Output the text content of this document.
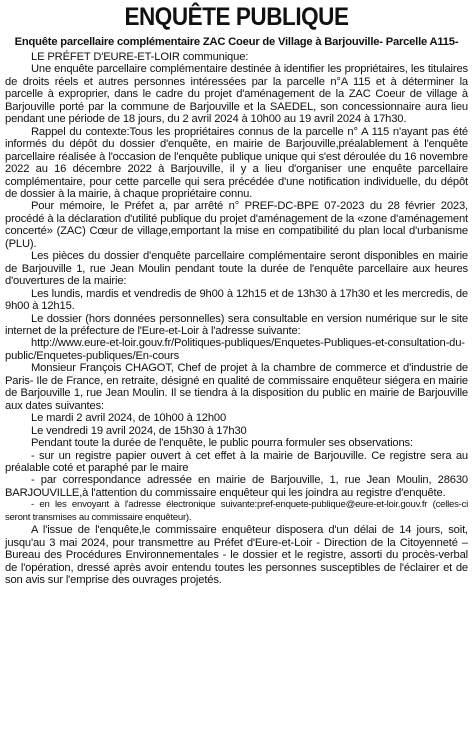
ENQUÊTE PUBLIQUE
Enquête parcellaire complémentaire ZAC Coeur de Village à Barjouville- Parcelle A115-

LE PRÉFET D'EURE-ET-LOIR communique:

Une enquête parcellaire complémentaire destinée à identifier les propriétaires, les titulaires de droits réels et autres personnes intéressées par la parcelle n°A 115 et à déterminer la parcelle à exproprier, dans le cadre du projet d'aménagement de la ZAC Coeur de village à Barjouville porté par la commune de Barjouville et la SAEDEL, son concessionnaire aura lieu pendant une période de 18 jours, du 2 avril 2024 à 10h00 au 19 avril 2024 à 17h30.

Rappel du contexte:Tous les propriétaires connus de la parcelle n° A 115 n'ayant pas été informés du dépôt du dossier d'enquête, en mairie de Barjouville,préalablement à l'enquête parcellaire réalisée à l'occasion de l'enquête publique unique qui s'est déroulée du 16 novembre 2022 au 16 décembre 2022 à Barjouville, il y a lieu d'organiser une enquête parcellaire complémentaire, pour cette parcelle qui sera précédée d'une notification individuelle, du dépôt de dossier à la mairie, à chaque propriétaire connu.

Pour mémoire, le Préfet a, par arrêté n° PREF-DC-BPE 07-2023 du 28 février 2023, procédé à la déclaration d'utilité publique du projet d'aménagement de la «zone d'aménagement concerté» (ZAC) Cœur de village,emportant la mise en compatibilité du plan local d'urbanisme (PLU).

Les pièces du dossier d'enquête parcellaire complémentaire seront disponibles en mairie de Barjouville 1, rue Jean Moulin pendant toute la durée de l'enquête parcellaire aux heures d'ouvertures de la mairie:

Les lundis, mardis et vendredis de 9h00 à 12h15 et de 13h30 à 17h30 et les mercredis, de 9h00 à 12h15.

Le dossier (hors données personnelles) sera consultable en version numérique sur le site internet de la préfecture de l'Eure-et-Loir à l'adresse suivante:

http://www.eure-et-loir.gouv.fr/Politiques-publiques/Enquetes-Publiques-et-consultation-du-public/Enquetes-publiques/En-cours

Monsieur François CHAGOT, Chef de projet à la chambre de commerce et d'industrie de Paris- Ile de France, en retraite, désigné en qualité de commissaire enquêteur siégera en mairie de Barjouville 1, rue Jean Moulin. Il se tiendra à la disposition du public en mairie de Barjouville aux dates suivantes:

Le mardi 2 avril 2024, de 10h00 à 12h00

Le vendredi 19 avril 2024, de 15h30 à 17h30

Pendant toute la durée de l'enquête, le public pourra formuler ses observations:

- sur un registre papier ouvert à cet effet à la mairie de Barjouville. Ce registre sera au préalable coté et paraphé par le maire

- par correspondance adressée en mairie de Barjouville, 1, rue Jean Moulin, 28630 BARJOUVILLE,à l'attention du commissaire enquêteur qui les joindra au registre d'enquête.

- en les envoyant à l'adresse électronique suivante:pref-enquete-publique@eure-et-loir.gouv.fr (celles-ci seront transmises au commissaire enquêteur).

A l'issue de l'enquête,le commissaire enquêteur disposera d'un délai de 14 jours, soit, jusqu'au 3 mai 2024, pour transmettre au Préfet d'Eure-et-Loir - Direction de la Citoyenneté – Bureau des Procédures Environnementales - le dossier et le registre, assorti du procès-verbal de l'opération, dressé après avoir entendu toutes les personnes susceptibles de l'éclairer et de son avis sur l'emprise des ouvrages projetés.
